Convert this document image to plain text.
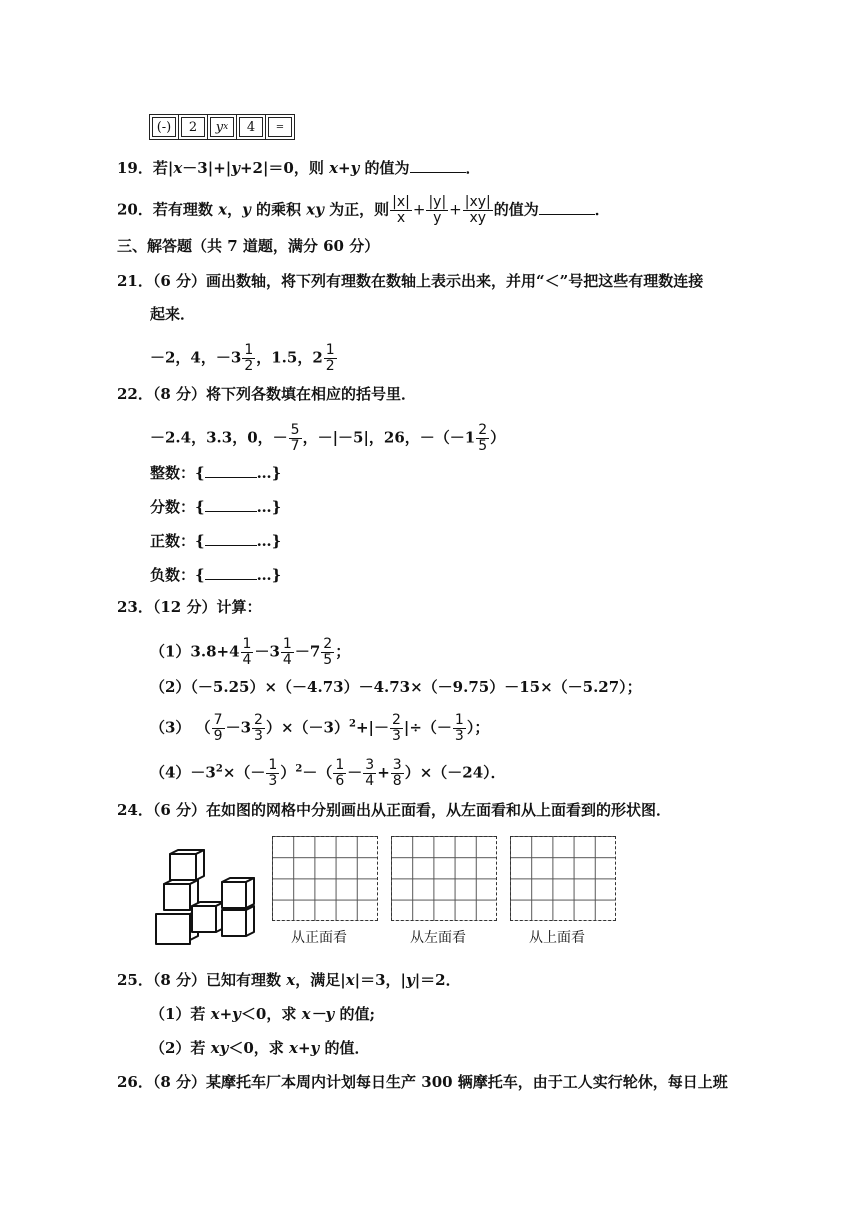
(-)	2	y x	4	=
19．若|x－3|+|y+2|＝0，则 x+y 的值为	．
20．若有理数 x，y 的乘积 xy 为正，则 $\frac{|x|}{x} + \frac{|y|}{y} + \frac{|xy|}{xy}$ 的值为	．
三、解答题（共 7 道题，满分 60 分）
21．（6 分）画出数轴，将下列有理数在数轴上表示出来，并用“＜”号把这些有理数连接
起来．
－2，4，$-3 \frac{1}{2}$ ，1.5，$2 \frac{1}{2}$
22．（8 分）将下列各数填在相应的括号里．
－2.4，3.3，0，－ $\frac{5}{7}$ ，－|－5|，26，$-(-1 \frac{2}{5}$ ）
整数：{	…}
分数：{	…}
正数：{	…}
负数：{	…}
23．（12 分）计算：
$(1)3.8+4 \frac{1}{4} -3 \frac{1}{4} -7 \frac{2}{5}$ ；
（2）（－5.25）×（－4.73）－4.73×（－9.75）－15×（－5.27）；
（3） （ $\frac{7}{9} -3 \frac{2}{3} )\times(-3)^2+|- \frac{2}{3}$ |÷（－ $\frac{1}{3}$ ）；
$(4)-3^2\times(- \frac{1}{3} )^2-( \frac{1}{6} - \frac{3}{4} + \frac{3}{8} )\times(-24)$．
24．（6 分）在如图的网格中分别画出从正面看，从左面看和从上面看到的形状图．
从正面看	从左面看	从上面看
25．（8 分）已知有理数 x，满足|x|＝3，|y|＝2．
（1）若 x+y＜0，求 x－y 的值;
（2）若 xy＜0，求 x+y 的值．
26．（8 分）某摩托车厂本周内计划每日生产 300 辆摩托车，由于工人实行轮休，每日上班
